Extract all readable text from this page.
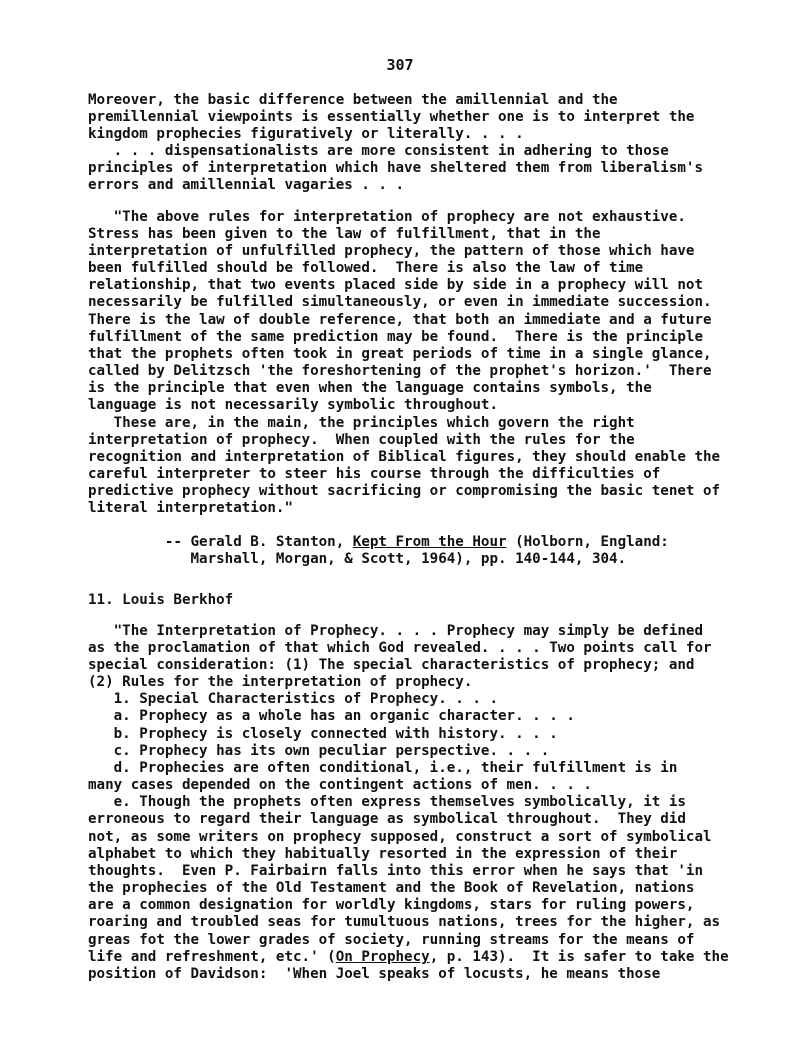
307
Moreover, the basic difference between the amillennial and the
premillennial viewpoints is essentially whether one is to interpret the
kingdom prophecies figuratively or literally. . . .
. . . dispensationalists are more consistent in adhering to those
principles of interpretation which have sheltered them from liberalism's
errors and amillennial vagaries . . .
"The above rules for interpretation of prophecy are not exhaustive.
Stress has been given to the law of fulfillment, that in the
interpretation of unfulfilled prophecy, the pattern of those which have
been fulfilled should be followed.  There is also the law of time
relationship, that two events placed side by side in a prophecy will not
necessarily be fulfilled simultaneously, or even in immediate succession.
There is the law of double reference, that both an immediate and a future
fulfillment of the same prediction may be found.  There is the principle
that the prophets often took in great periods of time in a single glance,
called by Delitzsch 'the foreshortening of the prophet's horizon.'  There
is the principle that even when the language contains symbols, the
language is not necessarily symbolic throughout.
These are, in the main, the principles which govern the right
interpretation of prophecy.  When coupled with the rules for the
recognition and interpretation of Biblical figures, they should enable the
careful interpreter to steer his course through the difficulties of
predictive prophecy without sacrificing or compromising the basic tenet of
literal interpretation."
-- Gerald B. Stanton, Kept From the Hour (Holborn, England:
Marshall, Morgan, & Scott, 1964), pp. 140-144, 304.
11. Louis Berkhof
"The Interpretation of Prophecy. . . . Prophecy may simply be defined
as the proclamation of that which God revealed. . . . Two points call for
special consideration: (1) The special characteristics of prophecy; and
(2) Rules for the interpretation of prophecy.
1. Special Characteristics of Prophecy. . . .
a. Prophecy as a whole has an organic character. . . .
b. Prophecy is closely connected with history. . . .
c. Prophecy has its own peculiar perspective. . . .
d. Prophecies are often conditional, i.e., their fulfillment is in
many cases depended on the contingent actions of men. . . .
e. Though the prophets often express themselves symbolically, it is
erroneous to regard their language as symbolical throughout.  They did
not, as some writers on prophecy supposed, construct a sort of symbolical
alphabet to which they habitually resorted in the expression of their
thoughts.  Even P. Fairbairn falls into this error when he says that 'in
the prophecies of the Old Testament and the Book of Revelation, nations
are a common designation for worldly kingdoms, stars for ruling powers,
roaring and troubled seas for tumultuous nations, trees for the higher, as
greas fot the lower grades of society, running streams for the means of
life and refreshment, etc.' (On Prophecy, p. 143).  It is safer to take the
position of Davidson:  'When Joel speaks of locusts, he means those
